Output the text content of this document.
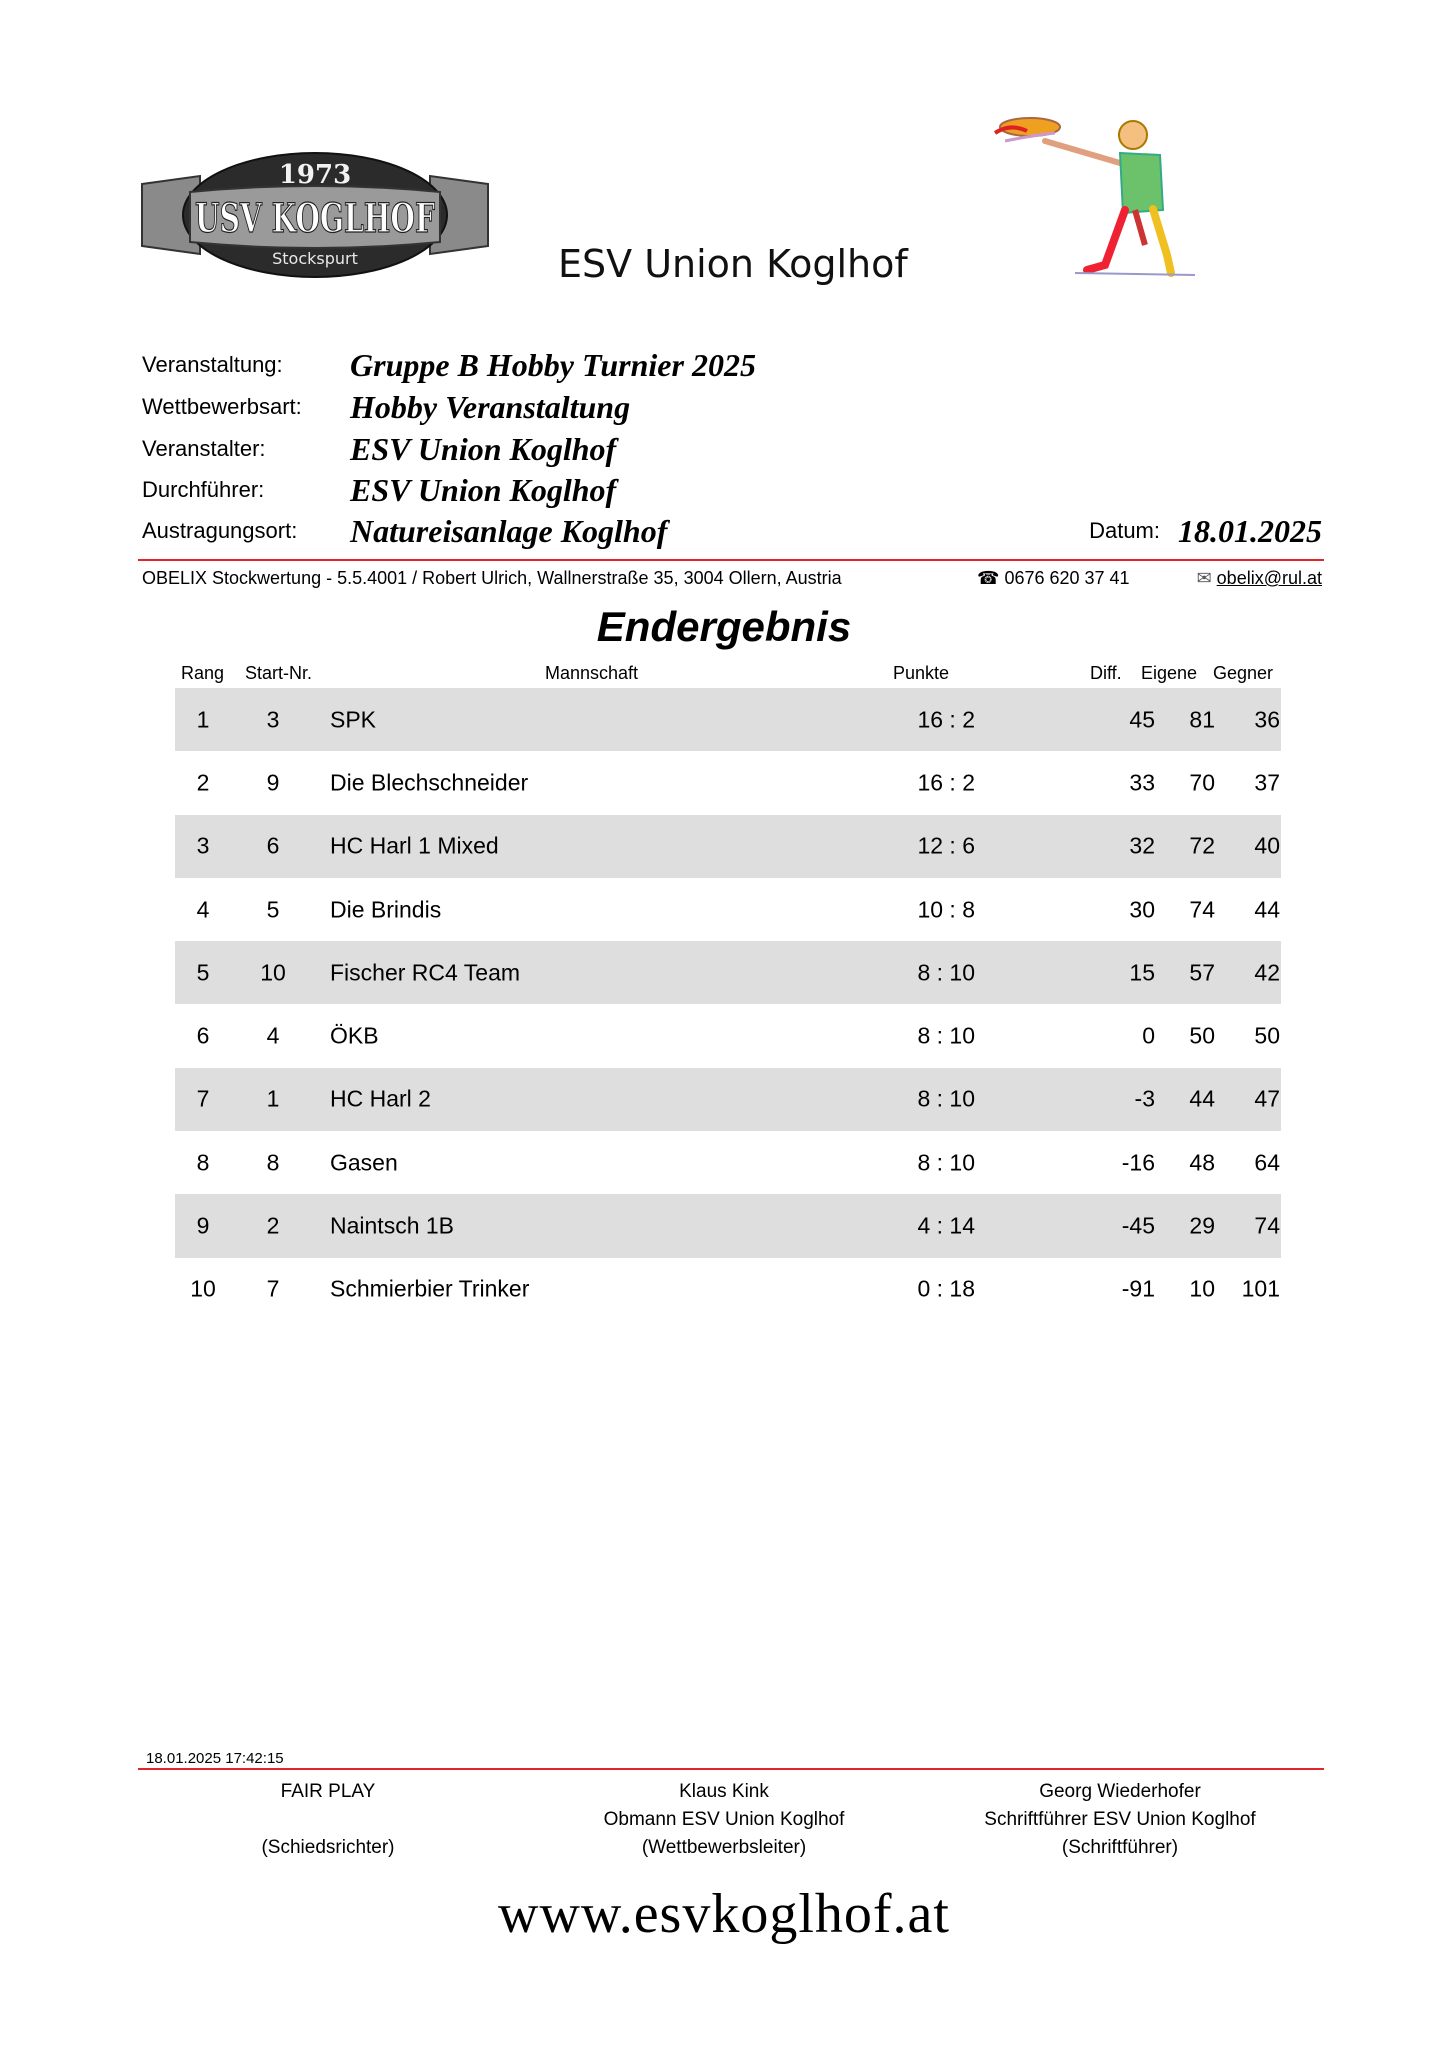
1973
USV KOGLHOF
Stockspurt	ESV Union Koglhof
Veranstaltung: Gruppe B Hobby Turnier 2025
Wettbewerbsart: Hobby Veranstaltung
Veranstalter:	ESV Union Koglhof
Durchführer:	ESV Union Koglhof
Austragungsort: Natureisanlage Koglhof	Datum: 18.01.2025
OBELIX Stockwertung - 5.5.4001 / Robert Ulrich, Wallnerstraße 35, 3004 Ollern, Austria	☎ 0676 620 37 41	✉ obelix@rul.at
Endergebnis
Rang Start-Nr.	Mannschaft	Punkte	Diff. Eigene Gegner
1	3	SPK	16 : 2	45	81	36
2	9	Die Blechschneider	16 : 2	33	70	37
3	6	HC Harl 1 Mixed	12 : 6	32	72	40
4	5	Die Brindis	10 : 8	30	74	44
5	10	Fischer RC4 Team	8 : 10	15	57	42
6	4	ÖKB	8 : 10	0	50	50
7	1	HC Harl 2	8 : 10	-3	44	47
8	8	Gasen	8 : 10	-16	48	64
9	2	Naintsch 1B	4 : 14	-45	29	74
10	7	Schmierbier Trinker	0 : 18	-91	10	101
18.01.2025 17:42:15
FAIR PLAY
(Schiedsrichter)
Klaus Kink
Obmann ESV Union Koglhof
(Wettbewerbsleiter)
Georg Wiederhofer
Schriftführer ESV Union Koglhof
(Schriftführer)
www.esvkoglhof.at
